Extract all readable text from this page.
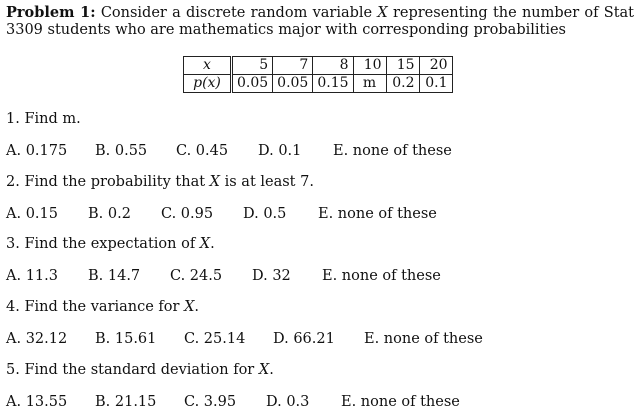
Problem 1: Consider a discrete random variable X representing the number of Stat 3309 students who are mathematics major with corresponding probabilities
x	5	7	8	10	15	20
p(x)	0.05	0.05	0.15	m	0.2	0.1
1. Find m.
A. 0.175 B. 0.55 C. 0.45 D. 0.1 E. none of these
2. Find the probability that X is at least 7.
A. 0.15 B. 0.2 C. 0.95 D. 0.5 E. none of these
3. Find the expectation of X.
A. 11.3 B. 14.7 C. 24.5 D. 32 E. none of these
4. Find the variance for X.
A. 32.12 B. 15.61 C. 25.14 D. 66.21 E. none of these
5. Find the standard deviation for X.
A. 13.55 B. 21.15 C. 3.95 D. 0.3 E. none of these
